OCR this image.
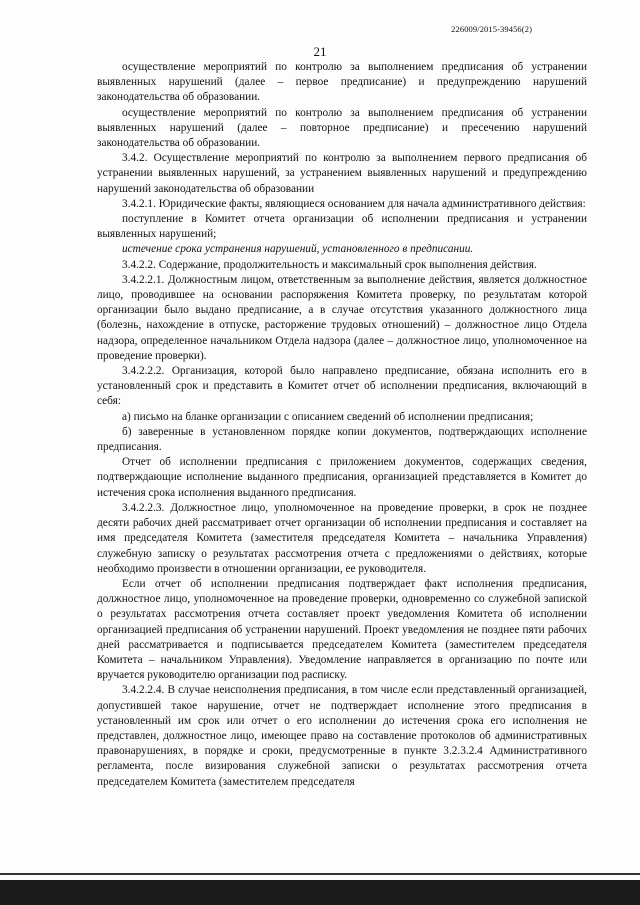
226009/2015-39456(2)
21

осуществление мероприятий по контролю за выполнением предписания об устранении выявленных нарушений (далее – первое предписание) и предупреждению нарушений законодательства об образовании.

осуществление мероприятий по контролю за выполнением предписания об устранении выявленных нарушений (далее – повторное предписание) и пресечению нарушений законодательства об образовании.

3.4.2. Осуществление мероприятий по контролю за выполнением первого предписания об устранении выявленных нарушений, за устранением выявленных нарушений и предупреждению нарушений законодательства об образовании

3.4.2.1. Юридические факты, являющиеся основанием для начала административного действия:

поступление в Комитет отчета организации об исполнении предписания и устранении выявленных нарушений;

истечение срока устранения нарушений, установленного в предписании.

3.4.2.2. Содержание, продолжительность и максимальный срок выполнения действия.

3.4.2.2.1. Должностным лицом, ответственным за выполнение действия, является должностное лицо, проводившее на основании распоряжения Комитета проверку, по результатам которой организации было выдано предписание, а в случае отсутствия указанного должностного лица (болезнь, нахождение в отпуске, расторжение трудовых отношений) – должностное лицо Отдела надзора, определенное начальником Отдела надзора (далее – должностное лицо, уполномоченное на проведение проверки).

3.4.2.2.2. Организация, которой было направлено предписание, обязана исполнить его в установленный срок и представить в Комитет отчет об исполнении предписания, включающий в себя:

а) письмо на бланке организации с описанием сведений об исполнении предписания;

б) заверенные в установленном порядке копии документов, подтверждающих исполнение предписания.

Отчет об исполнении предписания с приложением документов, содержащих сведения, подтверждающие исполнение выданного предписания, организацией представляется в Комитет до истечения срока исполнения выданного предписания.

3.4.2.2.3. Должностное лицо, уполномоченное на проведение проверки, в срок не позднее десяти рабочих дней рассматривает отчет организации об исполнении предписания и составляет на имя председателя Комитета (заместителя председателя Комитета – начальника Управления) служебную записку о результатах рассмотрения отчета с предложениями о действиях, которые необходимо произвести в отношении организации, ее руководителя.

Если отчет об исполнении предписания подтверждает факт исполнения предписания, должностное лицо, уполномоченное на проведение проверки, одновременно со служебной запиской о результатах рассмотрения отчета составляет проект уведомления Комитета об исполнении организацией предписания об устранении нарушений. Проект уведомления не позднее пяти рабочих дней рассматривается и подписывается председателем Комитета (заместителем председателя Комитета – начальником Управления). Уведомление направляется в организацию по почте или вручается руководителю организации под расписку.

3.4.2.2.4. В случае неисполнения предписания, в том числе если представленный организацией, допустившей такое нарушение, отчет не подтверждает исполнение этого предписания в установленный им срок или отчет о его исполнении до истечения срока его исполнения не представлен, должностное лицо, имеющее право на составление протоколов об административных правонарушениях, в порядке и сроки, предусмотренные в пункте 3.2.3.2.4 Административного регламента, после визирования служебной записки о результатах рассмотрения отчета председателем Комитета (заместителем председателя
